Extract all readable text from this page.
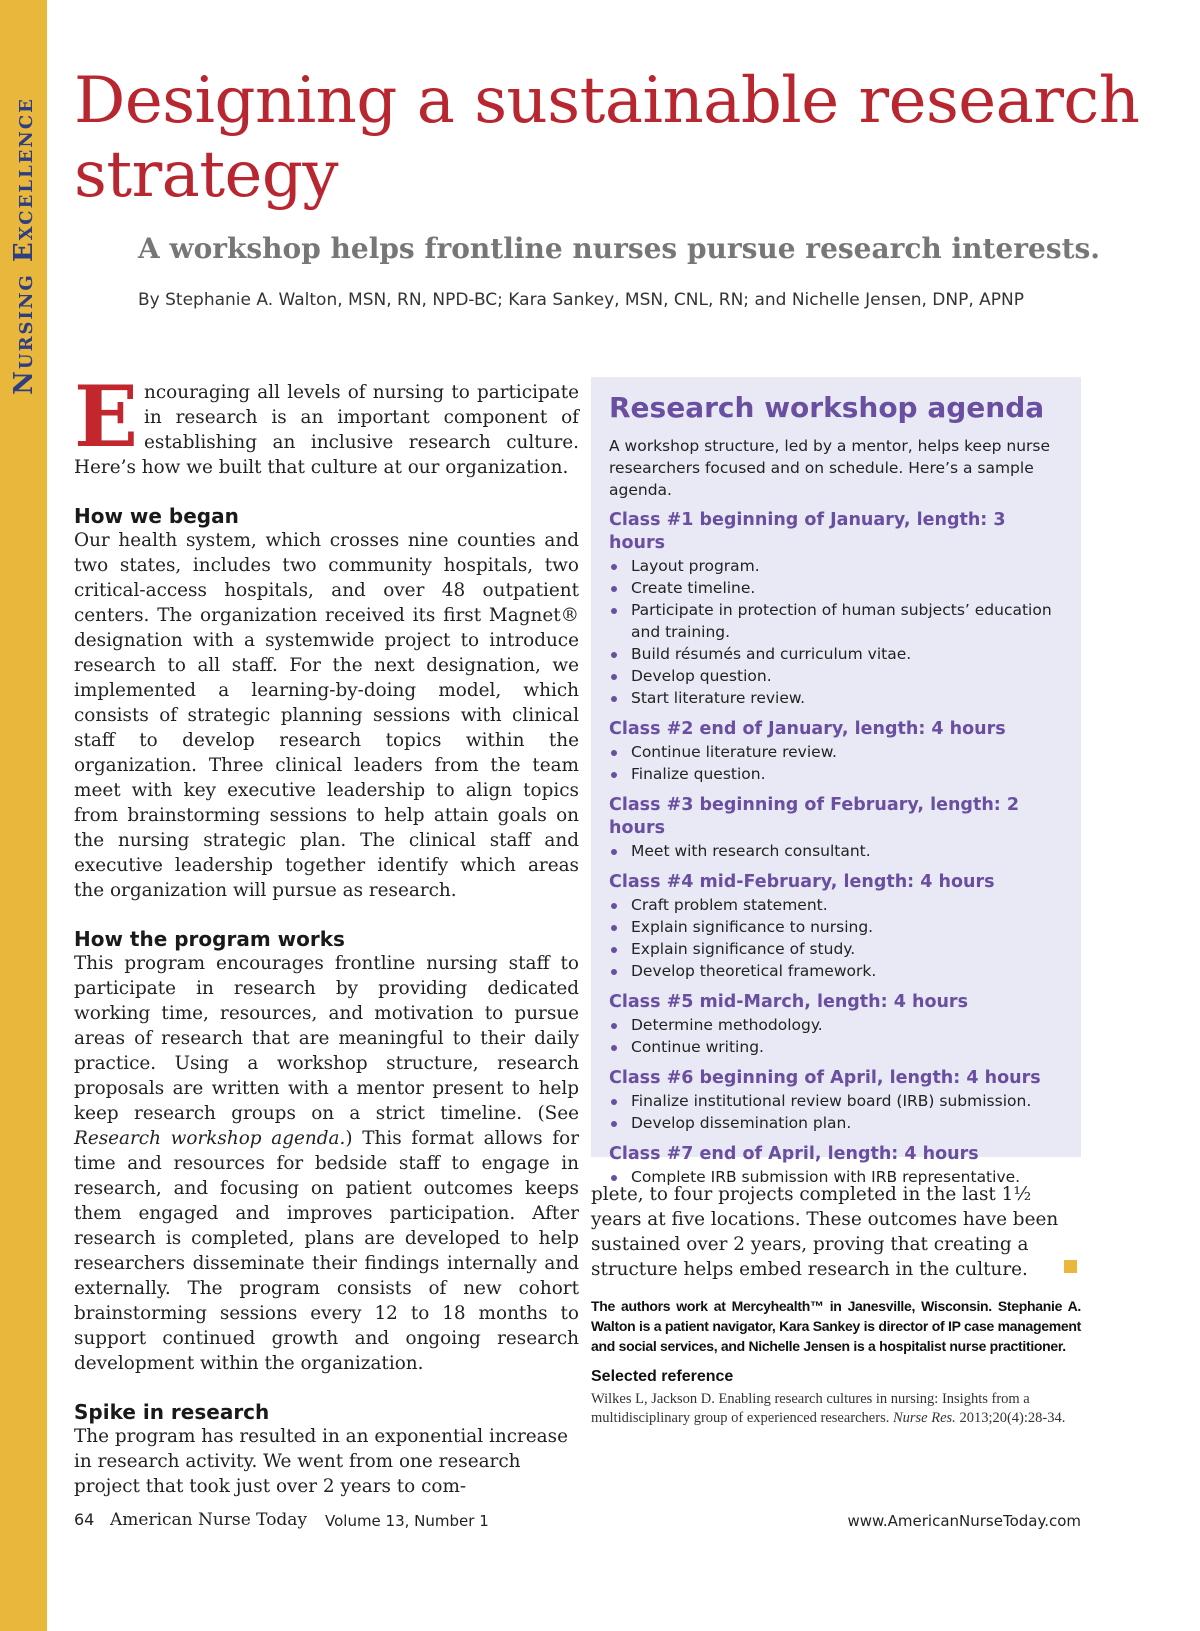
Nursing Excellence Designing a sustainable research strategy
A workshop helps frontline nurses pursue research interests.
By Stephanie A. Walton, MSN, RN, NPD-BC; Kara Sankey, MSN, CNL, RN; and Nichelle Jensen, DNP, APNP

Encouraging all levels of nursing to participate in research is an important component of establishing an inclusive research culture. Here’s how we built that culture at our organization.

How we began

Our health system, which crosses nine counties and two states, includes two community hospitals, two critical-access hospitals, and over 48 outpatient centers. The organization received its first Magnet® designation with a systemwide project to introduce research to all staff. For the next designation, we implemented a learning-by-doing model, which consists of strategic planning sessions with clinical staff to develop research topics within the organization. Three clinical leaders from the team meet with key executive leadership to align topics from brainstorming sessions to help attain goals on the nursing strategic plan. The clinical staff and executive leadership together identify which areas the organization will pursue as research.

How the program works

This program encourages frontline nursing staff to participate in research by providing dedicated working time, resources, and motivation to pursue areas of research that are meaningful to their daily practice. Using a workshop structure, research proposals are written with a mentor present to help keep research groups on a strict timeline. (See Research workshop agenda.) This format allows for time and resources for bedside staff to engage in research, and focusing on patient outcomes keeps them engaged and improves participation. After research is completed, plans are developed to help researchers disseminate their findings internally and externally. The program consists of new cohort brainstorming sessions every 12 to 18 months to support continued growth and ongoing research development within the organization.

Spike in research

The program has resulted in an exponential increase in research activity. We went from one research project that took just over 2 years to com-

Research workshop agenda

A workshop structure, led by a mentor, helps keep nurse researchers focused and on schedule. Here’s a sample agenda.

Class #1 beginning of January, length: 3 hours
Layout program.
Create timeline.
Participate in protection of human subjects’ education and training.
Build résumés and curriculum vitae.
Develop question.
Start literature review.
Class #2 end of January, length: 4 hours
Continue literature review.
Finalize question.
Class #3 beginning of February, length: 2 hours
Meet with research consultant.
Class #4 mid-February, length: 4 hours
Craft problem statement.
Explain significance to nursing.
Explain significance of study.
Develop theoretical framework.
Class #5 mid-March, length: 4 hours
Determine methodology.
Continue writing.
Class #6 beginning of April, length: 4 hours
Finalize institutional review board (IRB) submission.
Develop dissemination plan.
Class #7 end of April, length: 4 hours
Complete IRB submission with IRB representative.

plete, to four projects completed in the last 1½ years at five locations. These outcomes have been sustained over 2 years, proving that creating a structure helps embed research in the culture.

The authors work at Mercyhealth™ in Janesville, Wisconsin. Stephanie A. Walton is a patient navigator, Kara Sankey is director of IP case management and social services, and Nichelle Jensen is a hospitalist nurse practitioner.

Selected reference

Wilkes L, Jackson D. Enabling research cultures in nursing: Insights from a multidisciplinary group of experienced researchers. Nurse Res. 2013;20(4):28-34.

64 American Nurse Today Volume 13, Number 1	www.AmericanNurseToday.com
